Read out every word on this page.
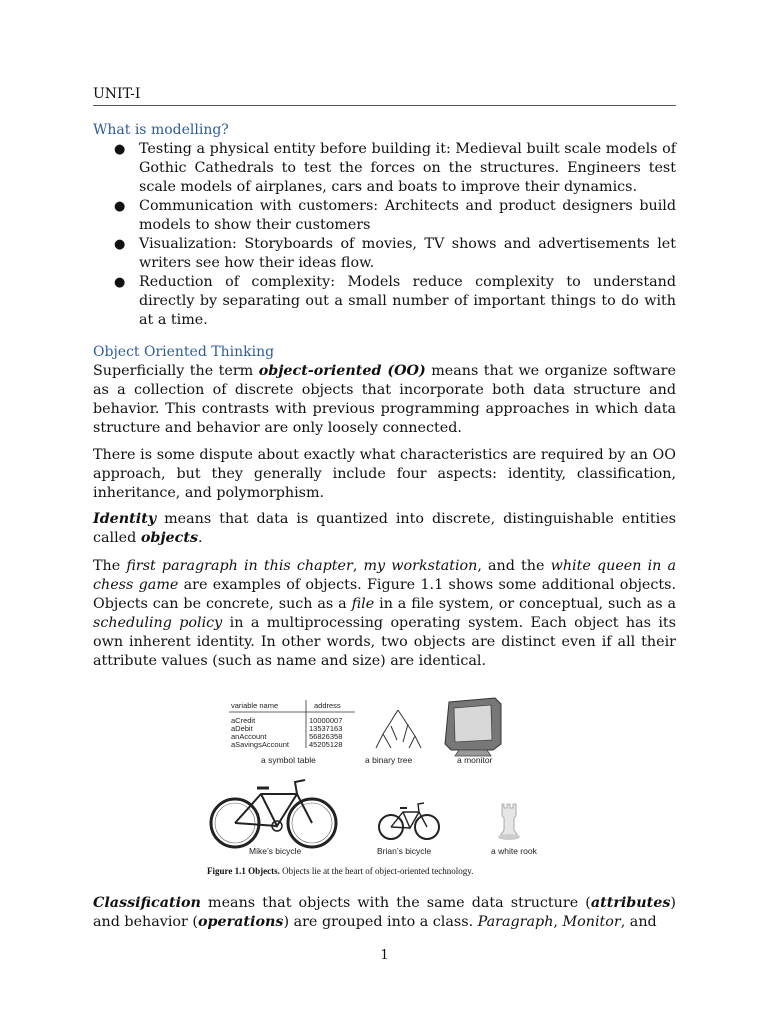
UNIT-I
What is modelling?
● Testing a physical entity before building it: Medieval built scale models of Gothic Cathedrals to test the forces on the structures. Engineers test scale models of airplanes, cars and boats to improve their dynamics.
● Communication with customers: Architects and product designers build models to show their customers
● Visualization: Storyboards of movies, TV shows and advertisements let writers see how their ideas flow.
● Reduction of complexity: Models reduce complexity to understand directly by separating out a small number of important things to do with at a time.
Object Oriented Thinking

Superficially the term object-oriented (OO) means that we organize software as a collection of discrete objects that incorporate both data structure and behavior. This contrasts with previous programming approaches in which data structure and behavior are only loosely connected.

There is some dispute about exactly what characteristics are required by an OO approach, but they generally include four aspects: identity, classification, inheritance, and polymorphism.

Identity means that data is quantized into discrete, distinguishable entities called objects.

The first paragraph in this chapter, my workstation, and the white queen in a chess game are examples of objects. Figure 1.1 shows some additional objects. Objects can be concrete, such as a file in a file system, or conceptual, such as a scheduling policy in a multiprocessing operating system. Each object has its own inherent identity. In other words, two objects are distinct even if all their attribute values (such as name and size) are identical.

variable name	address
aCredit	10000007
aDebit	13537163
anAccount	56826358
aSavingsAccount	45205128
a symbol table	a binary tree	a monitor
Mike’s bicycle	Brian’s bicycle	a white rook
Figure 1.1 Objects. Objects lie at the heart of object-oriented technology.

Classification means that objects with the same data structure (attributes) and behavior (operations) are grouped into a class. Paragraph, Monitor, and

1
